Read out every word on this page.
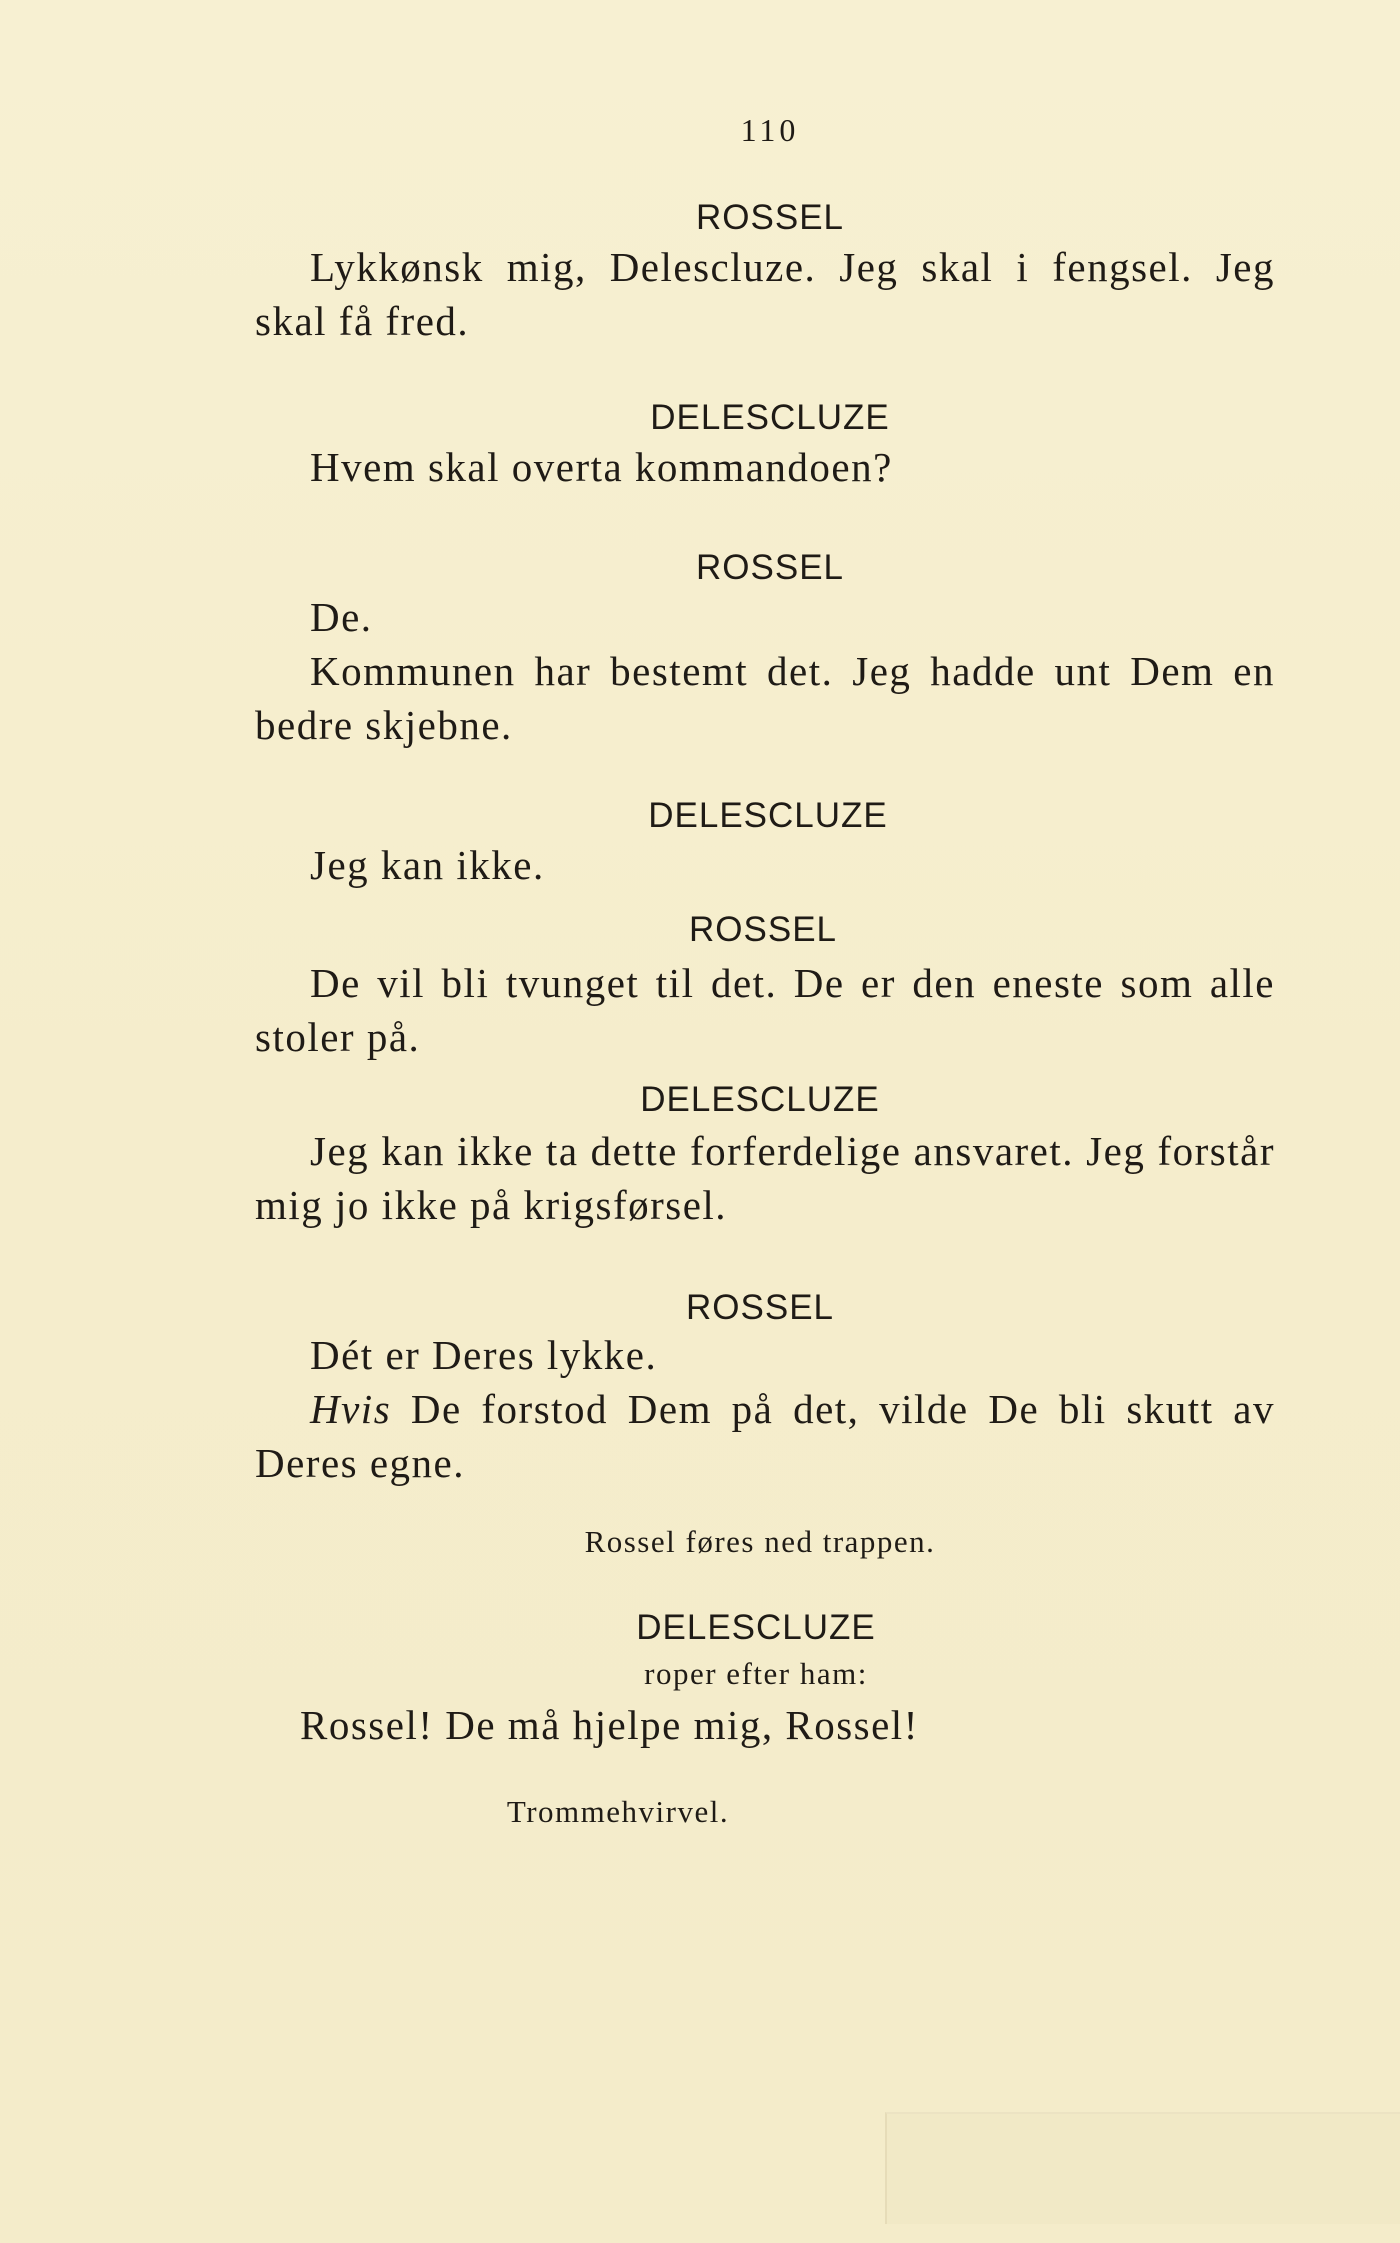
110
ROSSEL

Lykkønsk mig, Delescluze. Jeg skal i fengsel. Jeg skal få fred.

DELESCLUZE

Hvem skal overta kommandoen?

ROSSEL

De.

Kommunen har bestemt det. Jeg hadde unt Dem en bedre skjebne.

DELESCLUZE

Jeg kan ikke.

ROSSEL

De vil bli tvunget til det. De er den eneste som alle stoler på.

DELESCLUZE

Jeg kan ikke ta dette forferdelige ansvaret. Jeg forstår mig jo ikke på krigsførsel.

ROSSEL

Dét er Deres lykke.

Hvis De forstod Dem på det, vilde De bli skutt av Deres egne.

Rossel føres ned trappen.
DELESCLUZE
roper efter ham:

Rossel! De må hjelpe mig, Rossel!

Trommehvirvel.
